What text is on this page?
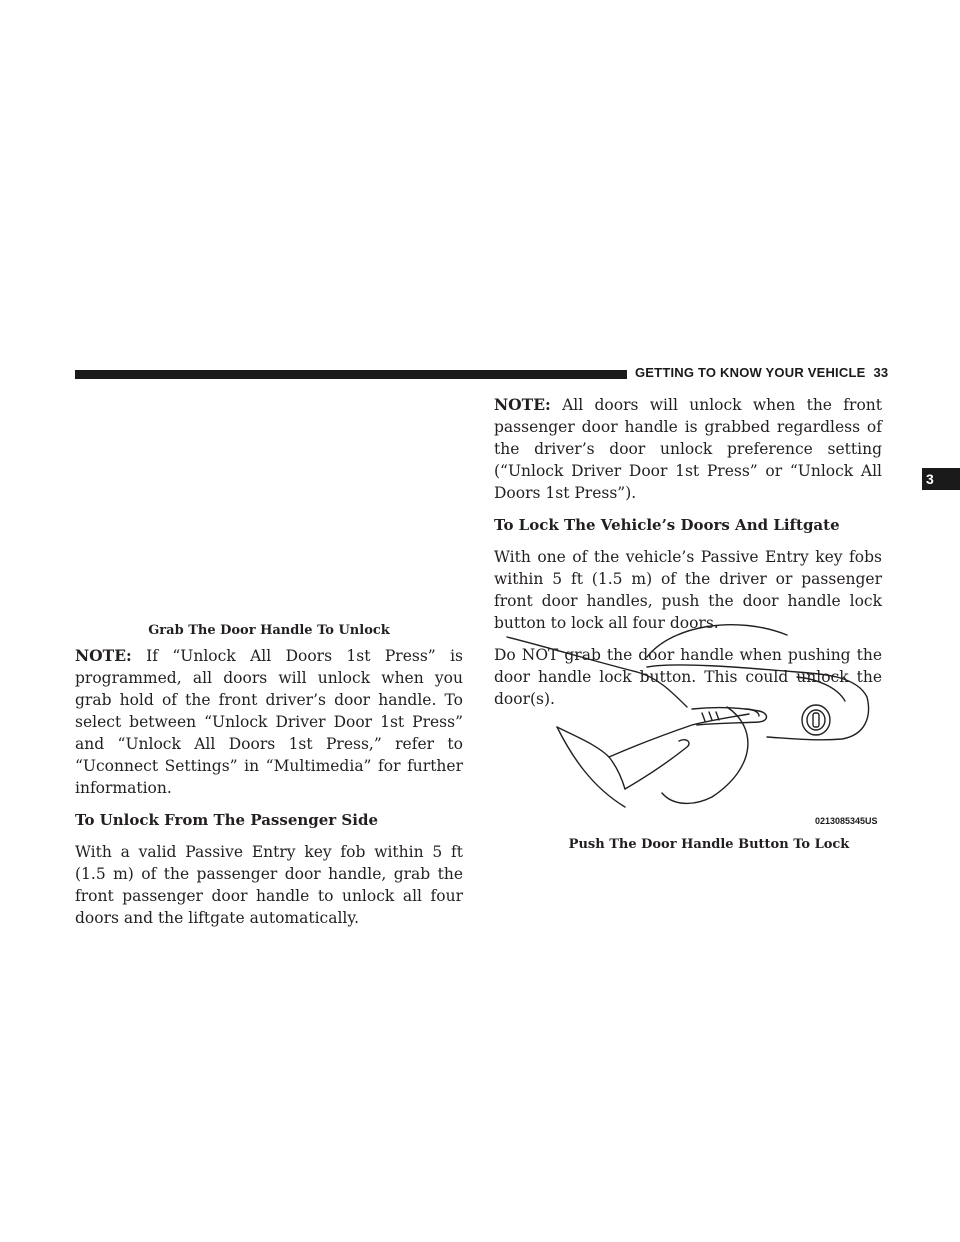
GETTING TO KNOW YOUR VEHICLE 33
3
Grab The Door Handle To Unlock

NOTE: If “Unlock All Doors 1st Press” is programmed, all doors will unlock when you grab hold of the front driver’s door handle. To select between “Unlock Driver Door 1st Press” and “Unlock All Doors 1st Press,” refer to “Uconnect Settings” in “Multimedia” for further information.

To Unlock From The Passenger Side

With a valid Passive Entry key fob within 5 ft (1.5 m) of the passenger door handle, grab the front passenger door handle to unlock all four doors and the liftgate automatically.

NOTE: All doors will unlock when the front passenger door handle is grabbed regardless of the driver’s door unlock preference setting (“Unlock Driver Door 1st Press” or “Unlock All Doors 1st Press”).

To Lock The Vehicle’s Doors And Liftgate

With one of the vehicle’s Passive Entry key fobs within 5 ft (1.5 m) of the driver or passenger front door handles, push the door handle lock button to lock all four doors.

Do NOT grab the door handle when pushing the door handle lock button. This could unlock the door(s).

0213085345US
Push The Door Handle Button To Lock
